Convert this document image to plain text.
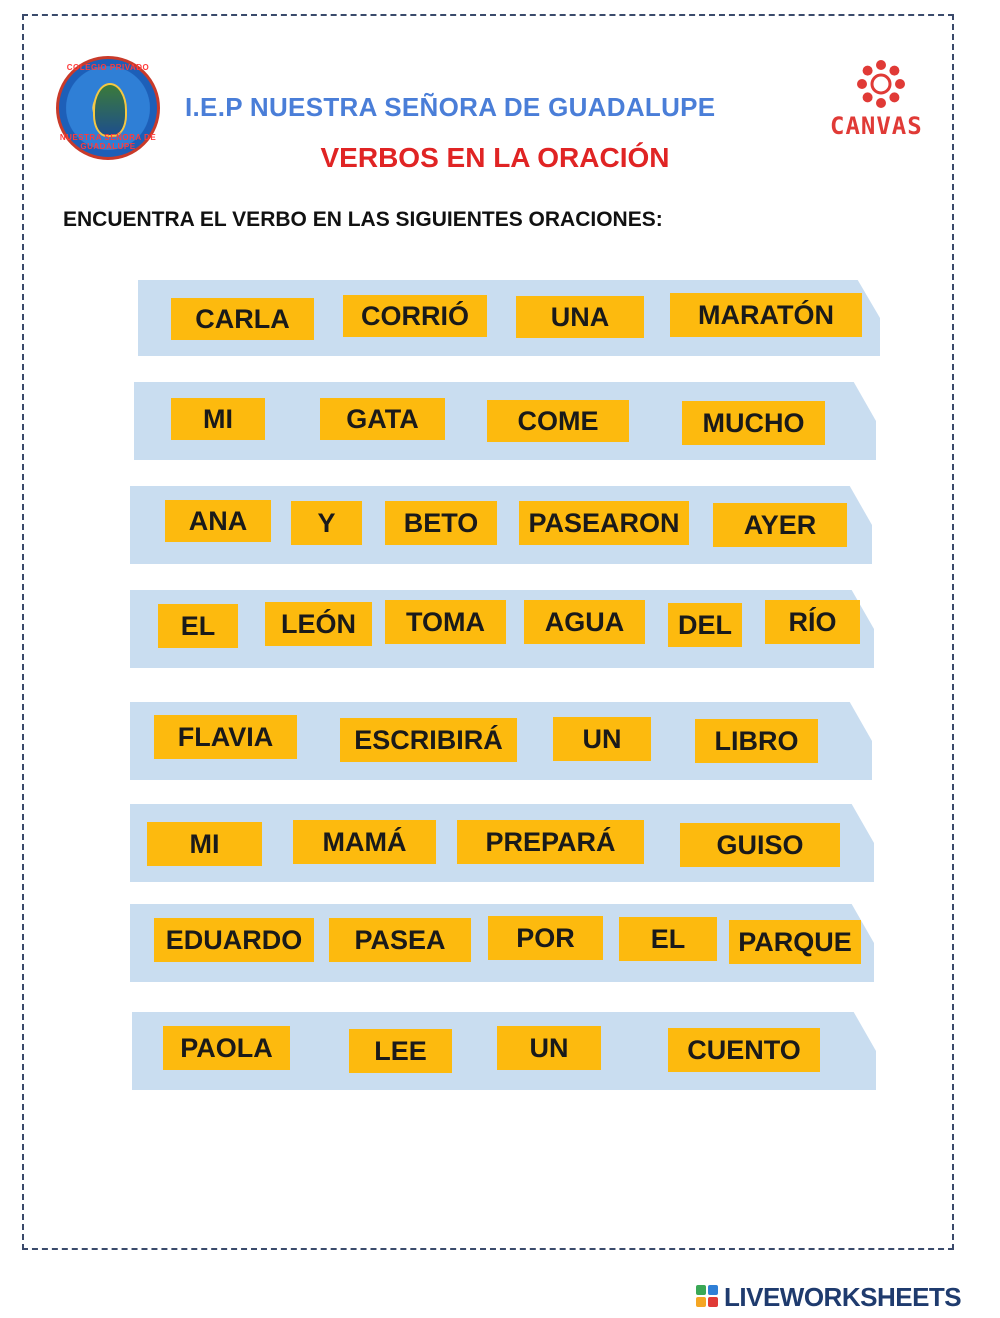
COLEGIO PRIVADO
NUESTRA SEÑORA DE GUADALUPE
I.E.P NUESTRA SEÑORA DE GUADALUPE
CANVAS
VERBOS EN LA ORACIÓN
ENCUENTRA EL VERBO EN LAS SIGUIENTES ORACIONES:
CARLA	CORRIÓ	UNA	MARATÓN
MI	GATA	COME	MUCHO
ANA	Y	BETO	PASEARON	AYER
EL	LEÓN	TOMA	AGUA	DEL	RÍO
FLAVIA	ESCRIBIRÁ	UN	LIBRO
MI	MAMÁ	PREPARÁ	GUISO
EDUARDO	PASEA	POR	EL	PARQUE
PAOLA	LEE	UN	CUENTO
LIVEWORKSHEETS
